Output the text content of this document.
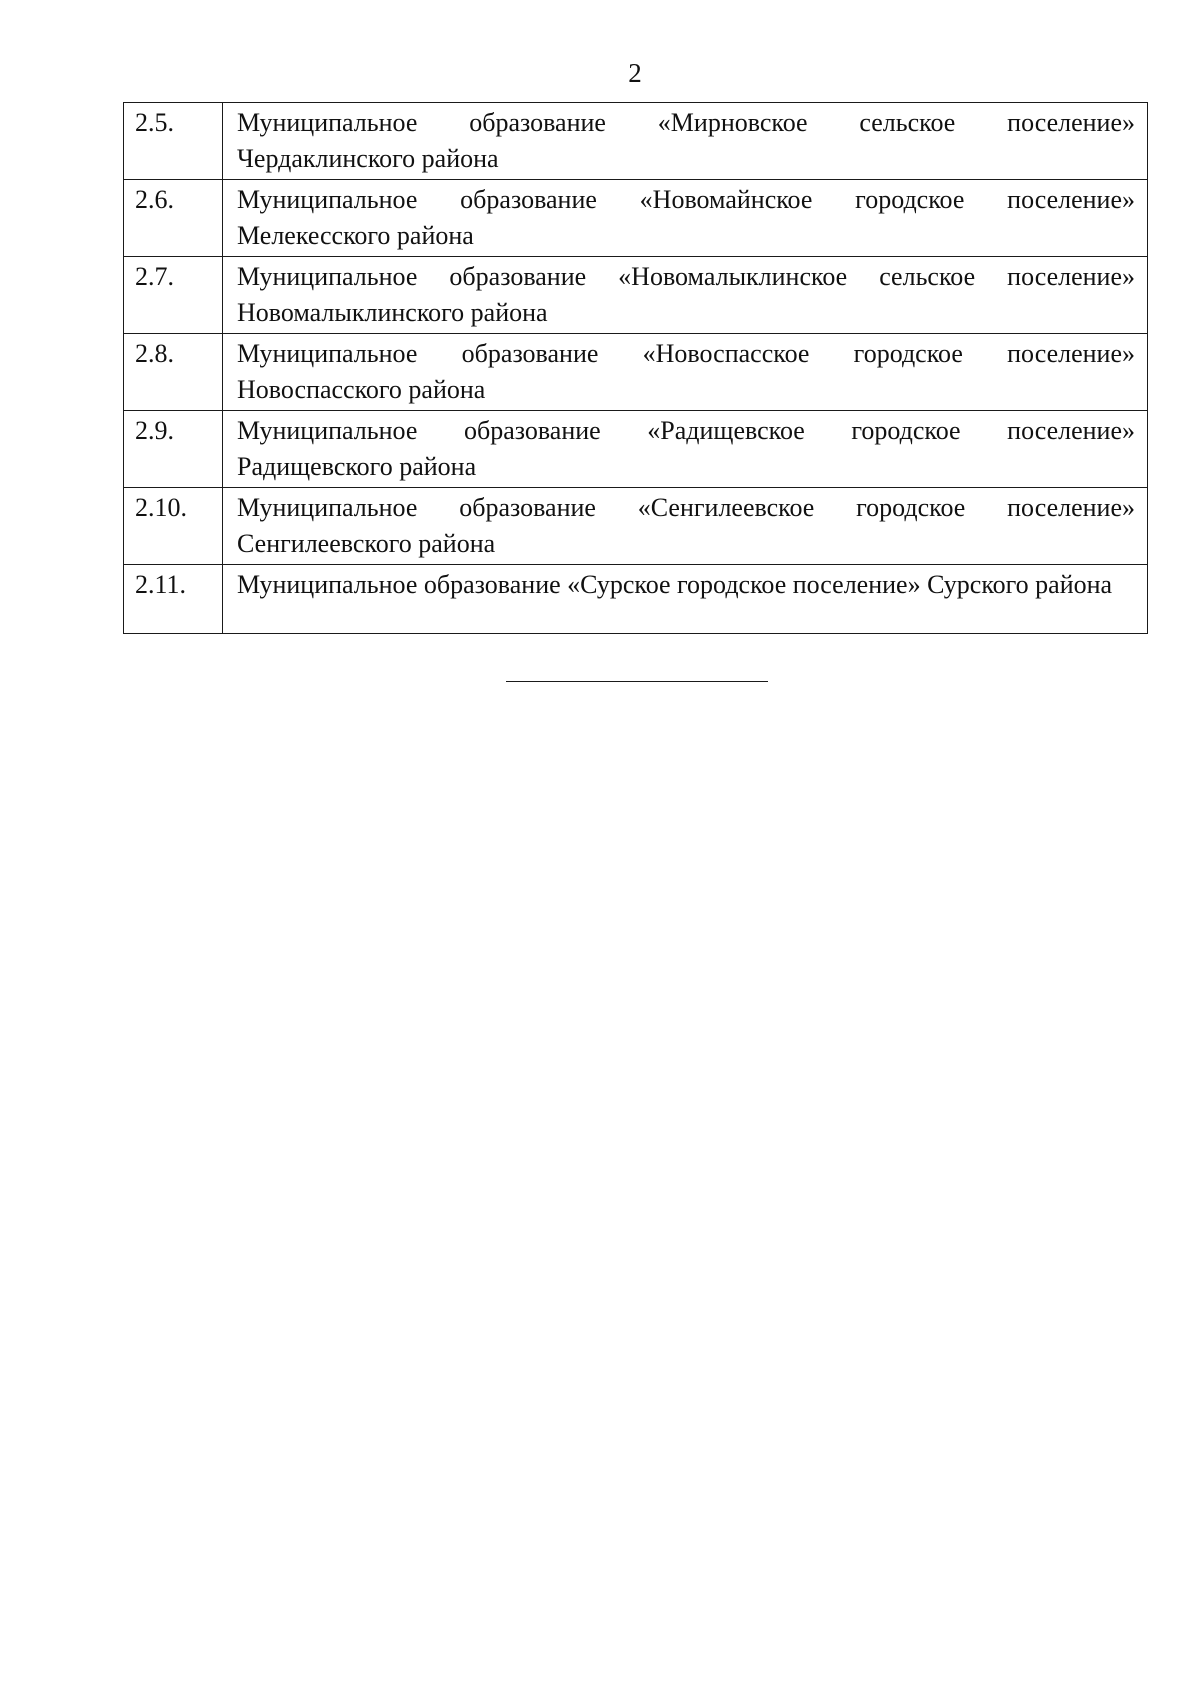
2
2.5.	Муниципальное образование «Мирновское сельское поселение» Чердаклинского района
2.6.	Муниципальное образование «Новомайнское городское поселение» Мелекесского района
2.7.	Муниципальное образование «Новомалыклинское сельское поселение» Новомалыклинского района
2.8.	Муниципальное образование «Новоспасское городское поселение» Новоспасского района
2.9.	Муниципальное образование «Радищевское городское поселение» Радищевского района
2.10.	Муниципальное образование «Сенгилеевское городское поселение» Сенгилеевского района
2.11.	Муниципальное образование «Сурское городское поселение» Сурского района
